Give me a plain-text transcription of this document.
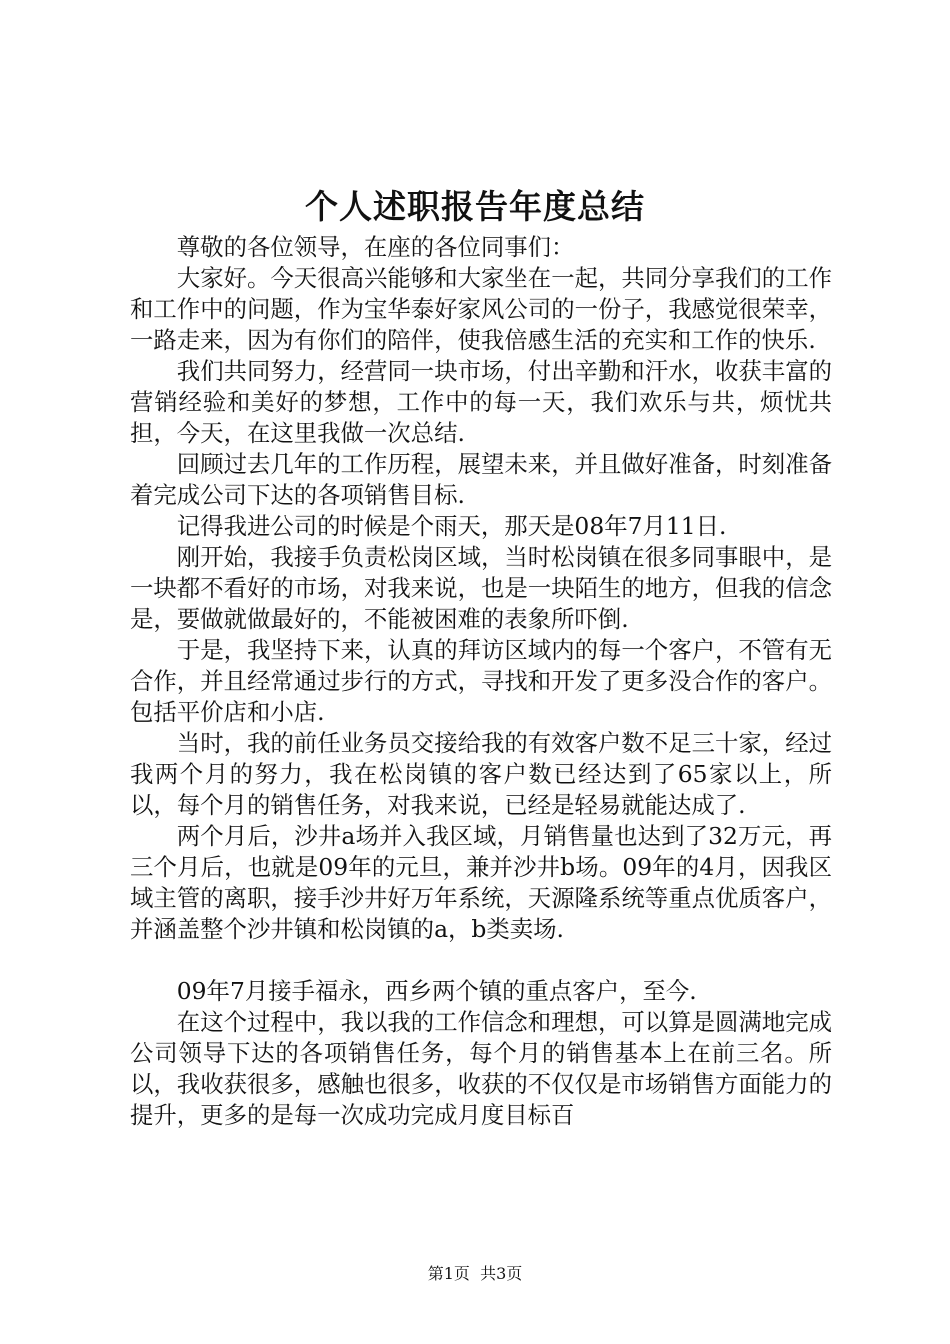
个人述职报告年度总结

尊敬的各位领导，在座的各位同事们：

大家好。今天很高兴能够和大家坐在一起，共同分享我们的工作和工作中的问题，作为宝华泰好家风公司的一份子，我感觉很荣幸，一路走来，因为有你们的陪伴，使我倍感生活的充实和工作的快乐.

我们共同努力，经营同一块市场，付出辛勤和汗水，收获丰富的营销经验和美好的梦想，工作中的每一天，我们欢乐与共，烦忧共担，今天，在这里我做一次总结.

回顾过去几年的工作历程，展望未来，并且做好准备，时刻准备着完成公司下达的各项销售目标.

记得我进公司的时候是个雨天，那天是08年7月11日.

刚开始，我接手负责松岗区域，当时松岗镇在很多同事眼中，是一块都不看好的市场，对我来说，也是一块陌生的地方，但我的信念是，要做就做最好的，不能被困难的表象所吓倒.

于是，我坚持下来，认真的拜访区域内的每一个客户，不管有无合作，并且经常通过步行的方式，寻找和开发了更多没合作的客户。包括平价店和小店.

当时，我的前任业务员交接给我的有效客户数不足三十家，经过我两个月的努力，我在松岗镇的客户数已经达到了65家以上，所以，每个月的销售任务，对我来说，已经是轻易就能达成了.

两个月后，沙井a场并入我区域，月销售量也达到了32万元，再三个月后，也就是09年的元旦，兼并沙井b场。09年的4月，因我区域主管的离职，接手沙井好万年系统，天源隆系统等重点优质客户，并涵盖整个沙井镇和松岗镇的a，b类卖场.

09年7月接手福永，西乡两个镇的重点客户，至今.

在这个过程中，我以我的工作信念和理想，可以算是圆满地完成公司领导下达的各项销售任务，每个月的销售基本上在前三名。所以，我收获很多，感触也很多，收获的不仅仅是市场销售方面能力的提升，更多的是每一次成功完成月度目标百

第1页 共3页
